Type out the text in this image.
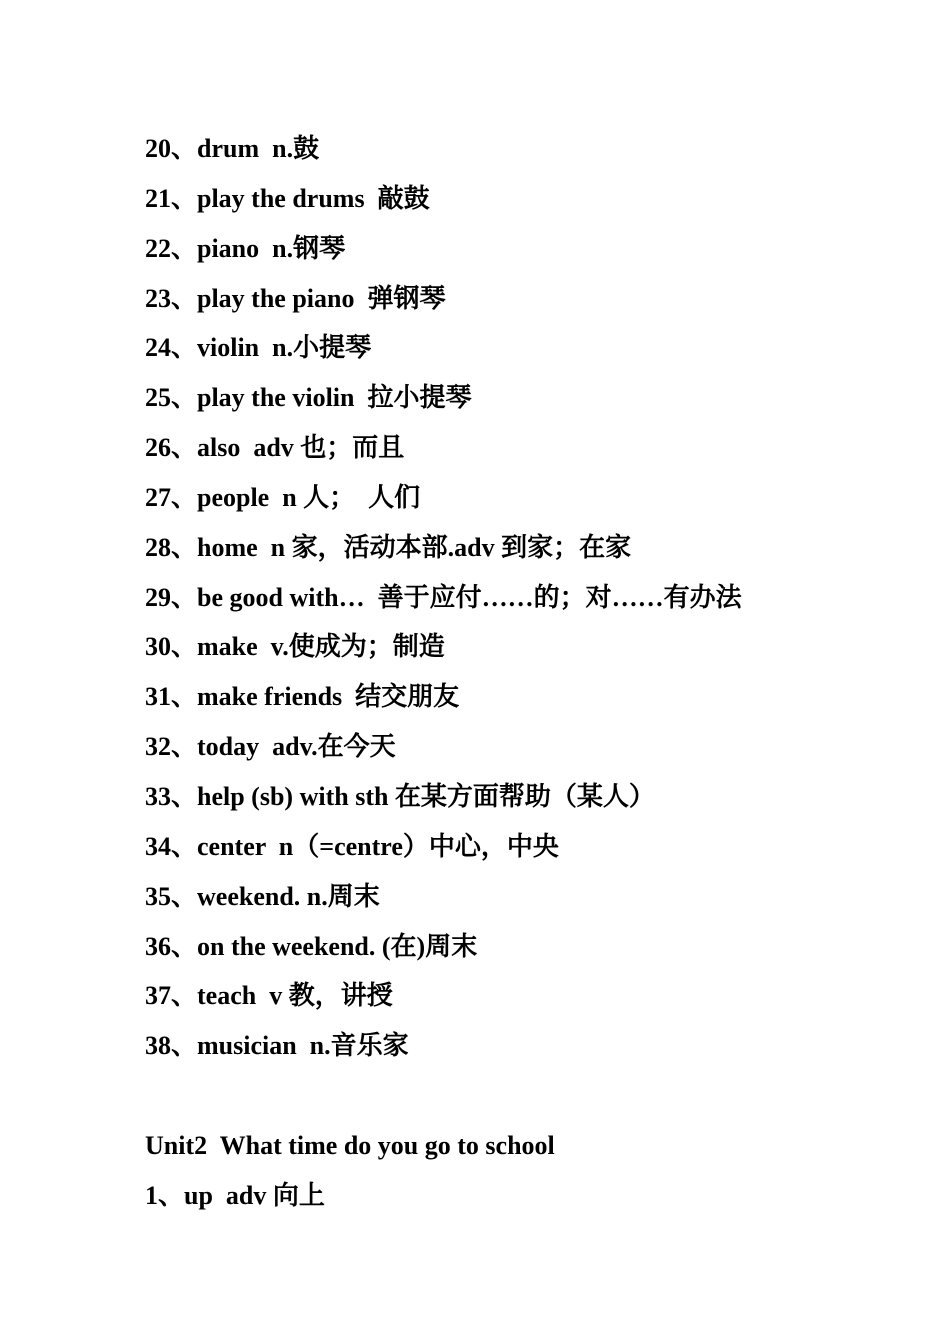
20、drum  n.鼓
21、play the drums  敲鼓
22、piano  n.钢琴
23、play the piano  弹钢琴
24、violin  n.小提琴
25、play the violin  拉小提琴
26、also  adv 也；而且
27、people  n 人；  人们
28、home  n 家，活动本部.adv 到家；在家
29、be good with…  善于应付……的；对……有办法
30、make  v.使成为；制造
31、make friends  结交朋友
32、today  adv.在今天
33、help (sb) with sth 在某方面帮助（某人）
34、center  n（=centre）中心，中央
35、weekend. n.周末
36、on the weekend. (在)周末
37、teach  v 教，讲授
38、musician  n.音乐家
Unit2  What time do you go to school
1、up  adv 向上
